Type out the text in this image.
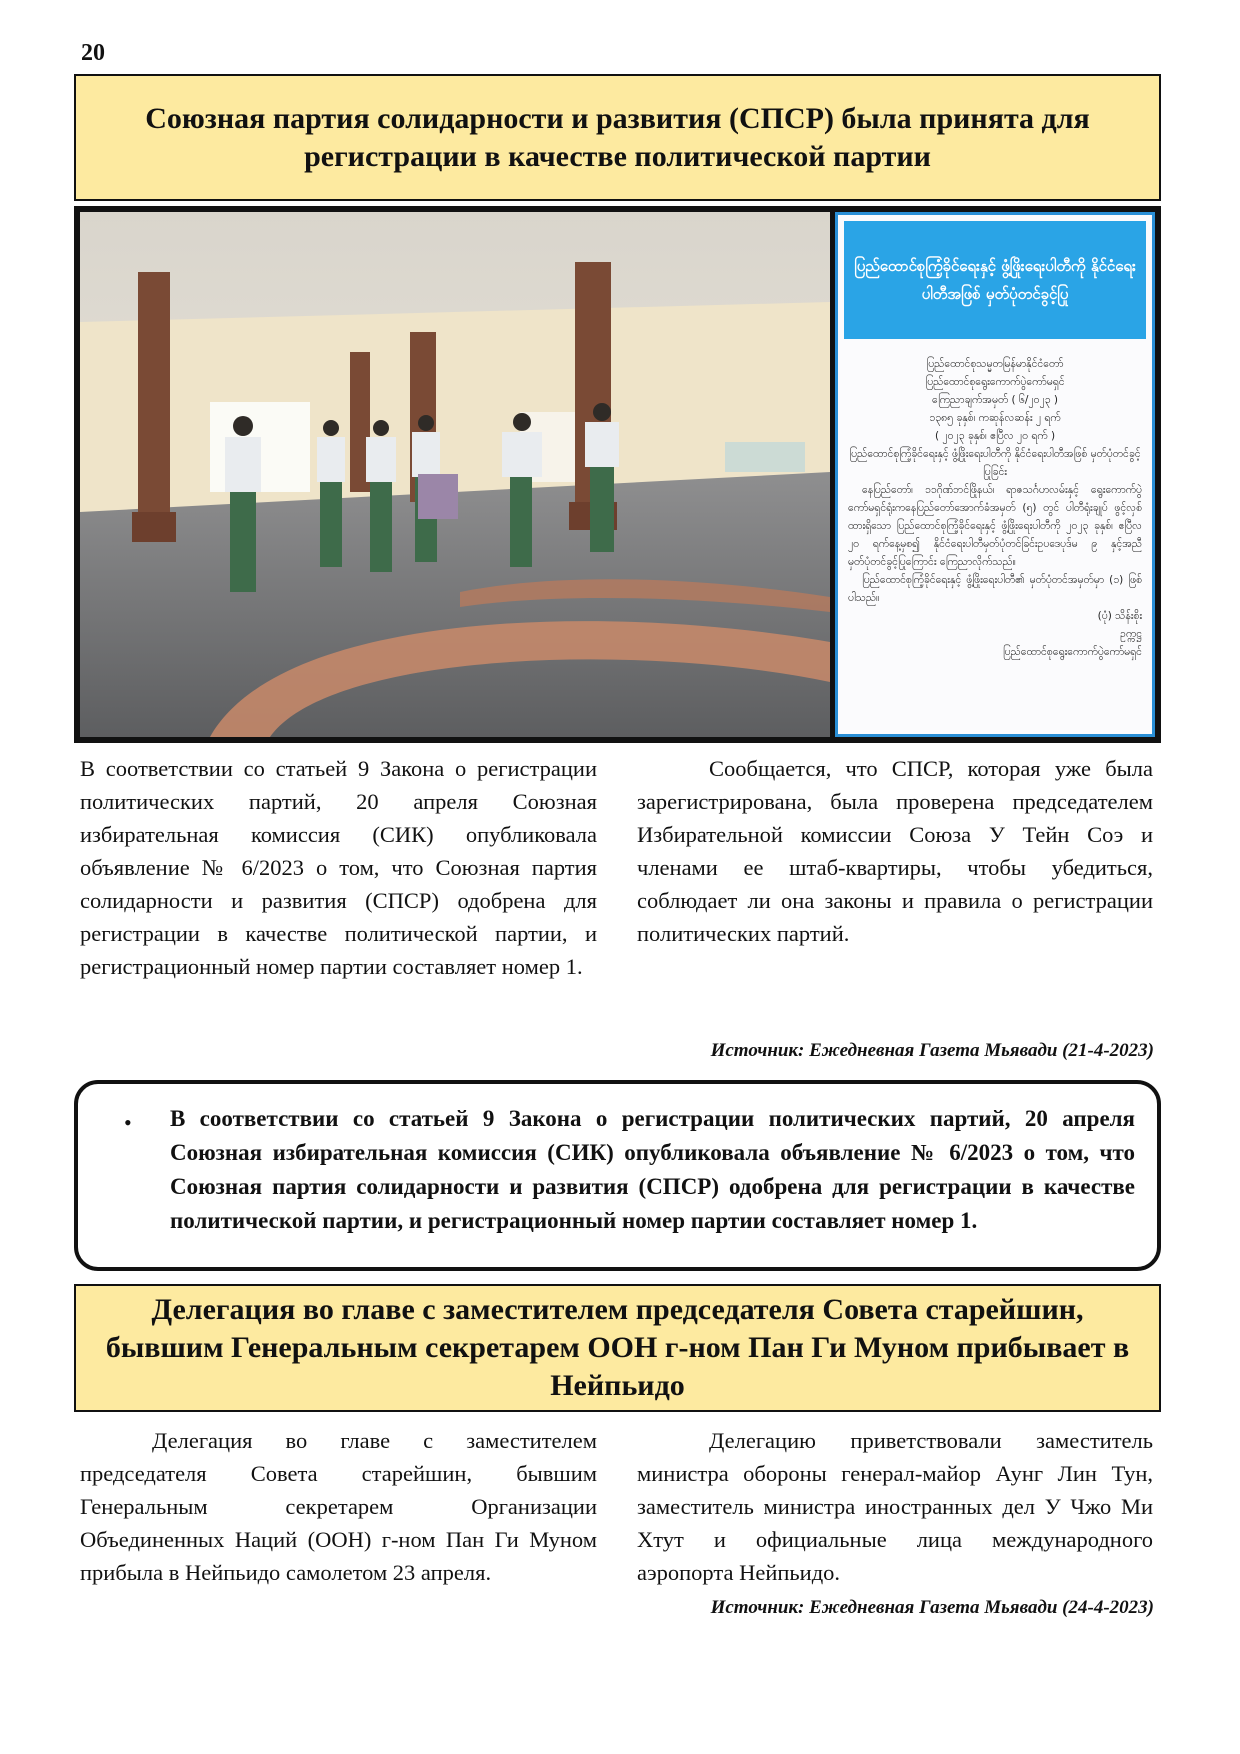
20
Союзная партия солидарности и развития (СПСР) была принята для регистрации в качестве политической партии
ပြည်ထောင်စုကြံ့ခိုင်ရေးနှင့် ဖွံ့ဖြိုးရေးပါတီကို နိုင်ငံရေးပါတီအဖြစ် မှတ်ပုံတင်ခွင့်ပြု
ပြည်ထောင်စုသမ္မတမြန်မာနိုင်ငံတော်
ပြည်ထောင်စုရွေးကောက်ပွဲကော်မရှင်
ကြေညာချက်အမှတ် ( ၆/၂၀၂၃ )
၁၃၈၅ ခုနှစ်၊ ကဆုန်လဆန်း ၂ ရက်
( ၂၀၂၃ ခုနှစ်၊ ဧပြီလ ၂၀ ရက် )
ပြည်ထောင်စုကြံ့ခိုင်ရေးနှင့် ဖွံ့ဖြိုးရေးပါတီကို နိုင်ငံရေးပါတီအဖြစ် မှတ်ပုံတင်ခွင့်ပြုခြင်း
နေပြည်တော်၊ ၁၁ဂိုဏ်ဘင်ဖြိုနယ်၊ ရာဇသင်္ဂဟလမ်းနှင့် ရွေးကောက်ပွဲကော်မရှင်ရုံးကနေပြည်တော်အောက်ခံအမှတ် (၅) တွင် ပါတီရုံးချုပ် ဖွင့်လှစ်ထားရှိသော ပြည်ထောင်စုကြံ့ခိုင်ရေးနှင့် ဖွံ့ဖြိုးရေးပါတီကို ၂၀၂၃ ခုနှစ်၊ ဧပြီလ ၂၀ ရက်နေ့မှစ၍ နိုင်ငံရေးပါတီမှတ်ပုံတင်ခြင်းဥပဒေပုဒ်မ ၉ နှင့်အညီ မှတ်ပုံတင်ခွင့်ပြုကြောင်း ကြေညာလိုက်သည်။
ပြည်ထောင်စုကြံ့ခိုင်ရေးနှင့် ဖွံ့ဖြိုးရေးပါတီ၏ မှတ်ပုံတင်အမှတ်မှာ (၁) ဖြစ်ပါသည်။
(ပုံ) သိန်းစိုး
ဥက္ကဋ္ဌ
ပြည်ထောင်စုရွေးကောက်ပွဲကော်မရှင်

В соответствии со статьей 9 Закона о регистрации политических партий, 20 апреля Союзная избирательная комиссия (СИК) опубликовала объявление № 6/2023 о том, что Союзная партия солидарности и развития (СПСР) одобрена для регистрации в качестве политической партии, и регистрационный номер партии составляет номер 1.

Сообщается, что СПСР, которая уже была зарегистрирована, была проверена председателем Избирательной комиссии Союза У Тейн Соэ и членами ее штаб-квартиры, чтобы убедиться, соблюдает ли она законы и правила о регистрации политических партий.

Источник: Ежедневная Газета Мьявади (21-4-2023)
• В соответствии со статьей 9 Закона о регистрации политических партий, 20 апреля Союзная избирательная комиссия (СИК) опубликовала объявление № 6/2023 о том, что Союзная партия солидарности и развития (СПСР) одобрена для регистрации в качестве политической партии, и регистрационный номер партии составляет номер 1.
Делегация во главе с заместителем председателя Совета старейшин, бывшим Генеральным секретарем ООН г-ном Пан Ги Муном прибывает в Нейпьидо

Делегация во главе с заместителем председателя Совета старейшин, бывшим Генеральным секретарем Организации Объединенных Наций (ООН) г-ном Пан Ги Муном прибыла в Нейпьидо самолетом 23 апреля.

Делегацию приветствовали заместитель министра обороны генерал-майор Аунг Лин Тун, заместитель министра иностранных дел У Чжо Ми Хтут и официальные лица международного аэропорта Нейпьидо.

Источник: Ежедневная Газета Мьявади (24-4-2023)
